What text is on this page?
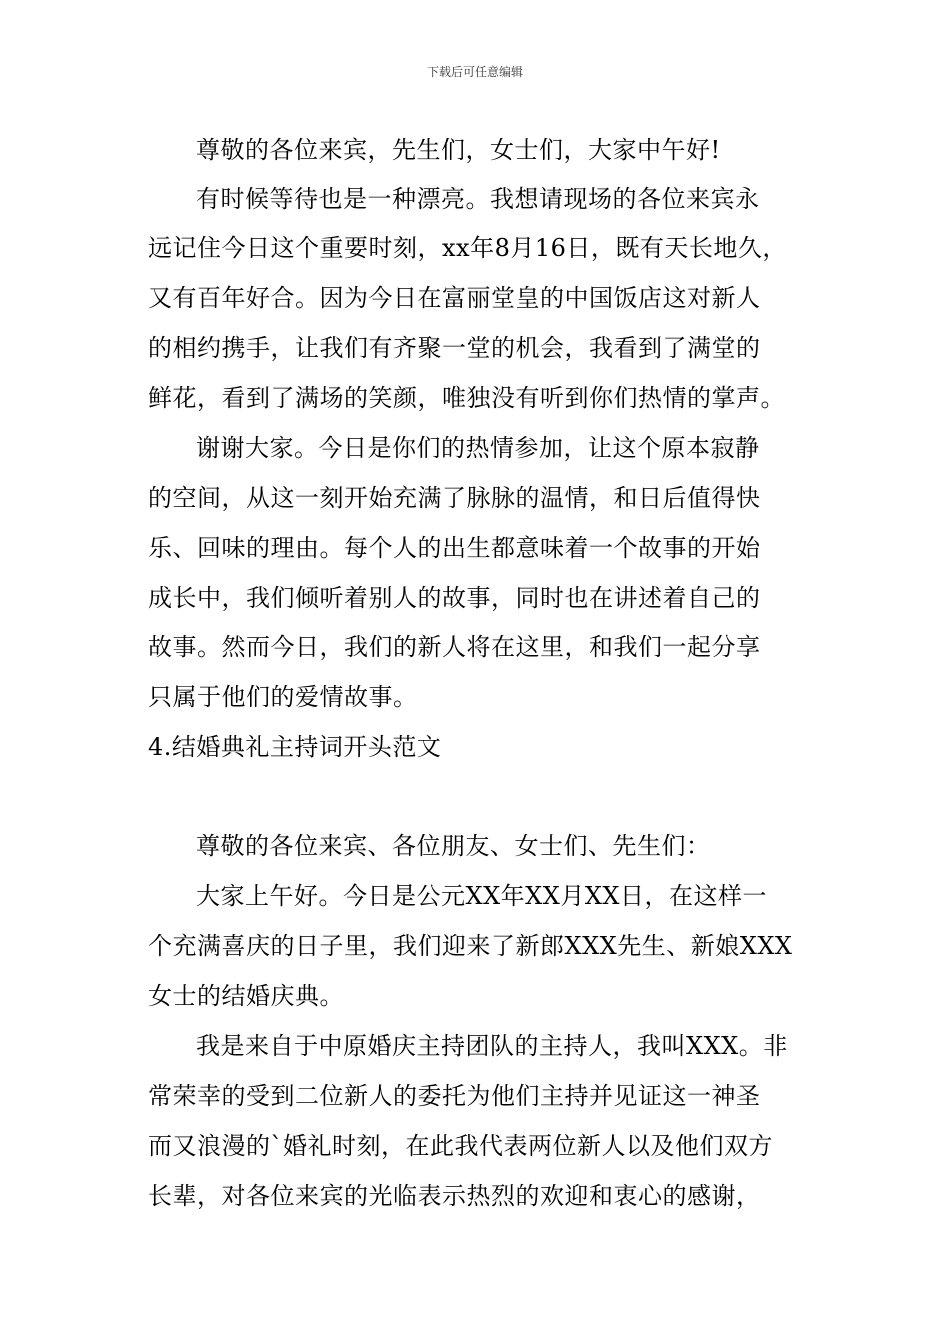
下载后可任意编辑
尊敬的各位来宾，先生们，女士们，大家中午好!
有时候等待也是一种漂亮。我想请现场的各位来宾永
远记住今日这个重要时刻，xx年8月16日，既有天长地久，
又有百年好合。因为今日在富丽堂皇的中国饭店这对新人
的相约携手，让我们有齐聚一堂的机会，我看到了满堂的
鲜花，看到了满场的笑颜，唯独没有听到你们热情的掌声。
谢谢大家。今日是你们的热情参加，让这个原本寂静
的空间，从这一刻开始充满了脉脉的温情，和日后值得快
乐、回味的理由。每个人的出生都意味着一个故事的开始
成长中，我们倾听着别人的故事，同时也在讲述着自己的
故事。然而今日，我们的新人将在这里，和我们一起分享
只属于他们的爱情故事。
4.结婚典礼主持词开头范文
尊敬的各位来宾、各位朋友、女士们、先生们：
大家上午好。今日是公元XX年XX月XX日，在这样一
个充满喜庆的日子里，我们迎来了新郎XXX先生、新娘XXX
女士的结婚庆典。
我是来自于中原婚庆主持团队的主持人，我叫XXX。非
常荣幸的受到二位新人的委托为他们主持并见证这一神圣
而又浪漫的`婚礼时刻，在此我代表两位新人以及他们双方
长辈，对各位来宾的光临表示热烈的欢迎和衷心的感谢，
